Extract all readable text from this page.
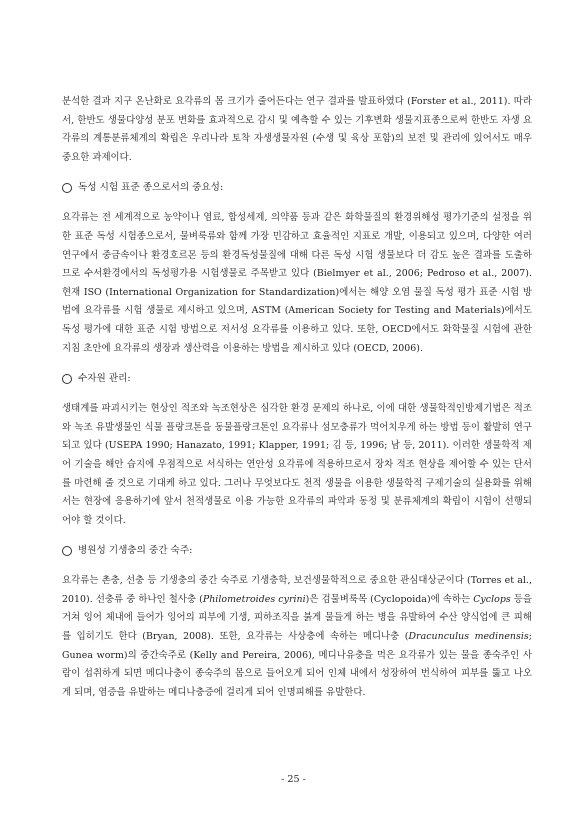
분석한 결과 지구 온난화로 요각류의 몸 크기가 줄어든다는 연구 결과를 발표하였다 (Forster et al., 2011). 따라서, 한반도 생물다양성 분포 변화를 효과적으로 감시 및 예측할 수 있는 기후변화 생물지표종으로써 한반도 자생 요각류의 계통분류체계의 확립은 우리나라 토착 자생생물자원 (수생 및 육상 포함)의 보전 및 관리에 있어서도 매우 중요한 과제이다.

독성 시험 표준 종으로서의 중요성:

요각류는 전 세계적으로 농약이나 염료, 합성세제, 의약품 등과 같은 화학물질의 환경위해성 평가기준의 설정을 위한 표준 독성 시험종으로서, 물벼룩류와 함께 가장 민감하고 효율적인 지표로 개발, 이용되고 있으며, 다양한 여러 연구에서 중금속이나 환경호르몬 등의 환경독성물질에 대해 다른 독성 시험 생물보다 더 감도 높은 결과를 도출하므로 수서환경에서의 독성평가용 시험생물로 주목받고 있다 (Bielmyer et al., 2006; Pedroso et al., 2007). 현재 ISO (International Organization for Standardization)에서는 해양 오염 물질 독성 평가 표준 시험 방법에 요각류를 시험 생물로 제시하고 있으며, ASTM (American Society for Testing and Materials)에서도 독성 평가에 대한 표준 시험 방법으로 저서성 요각류를 이용하고 있다. 또한, OECD에서도 화학물질 시험에 관한 지침 초안에 요각류의 생장과 생산력을 이용하는 방법을 제시하고 있다 (OECD, 2006).

수자원 관리:

생태계를 파괴시키는 현상인 적조와 녹조현상은 심각한 환경 문제의 하나로, 이에 대한 생물학적인방제기법은 적조와 녹조 유발생물인 식물 플랑크톤을 동물플랑크톤인 요각류나 섬모충류가 먹어치우게 하는 방법 등이 활발히 연구되고 있다 (USEPA 1990; Hanazato, 1991; Klapper, 1991; 김 등, 1996; 남 등, 2011). 이러한 생물학적 제어 기술을 해안 습지에 우점적으로 서식하는 연안성 요각류에 적용하므로서 장차 적조 현상을 제어할 수 있는 단서를 마련해 줄 것으로 기대케 하고 있다. 그러나 무엇보다도 천적 생물을 이용한 생물학적 구제기술의 실용화를 위해서는 현장에 응용하기에 앞서 천적생물로 이용 가능한 요각류의 파악과 동정 및 분류체계의 확립이 시험이 선행되어야 할 것이다.

병원성 기생충의 중간 숙주:

요각류는 촌충, 선충 등 기생충의 중간 숙주로 기생충학, 보건생물학적으로 중요한 관심대상군이다 (Torres et al., 2010). 선충류 중 하나인 철사충 (Philometroides cyrini)은 검물벼룩목 (Cyclopoida)에 속하는 Cyclops 등을 거쳐 잉어 체내에 들어가 잉어의 피부에 기생, 피하조직을 붉게 물들게 하는 병을 유발하여 수산 양식업에 큰 피해를 입히기도 한다 (Bryan, 2008). 또한, 요각류는 사상충에 속하는 메디나충 (Dracunculus medinensis; Gunea worm)의 중간숙주로 (Kelly and Pereira, 2006), 메디나유충을 먹은 요각류가 있는 물을 종숙주인 사람이 섭취하게 되면 메디나충이 종숙주의 몸으로 들어오게 되어 인체 내에서 성장하여 번식하여 피부를 뚫고 나오게 되며, 염증을 유발하는 메디나충증에 걸리게 되어 인명피해를 유발한다.

- 25 -
